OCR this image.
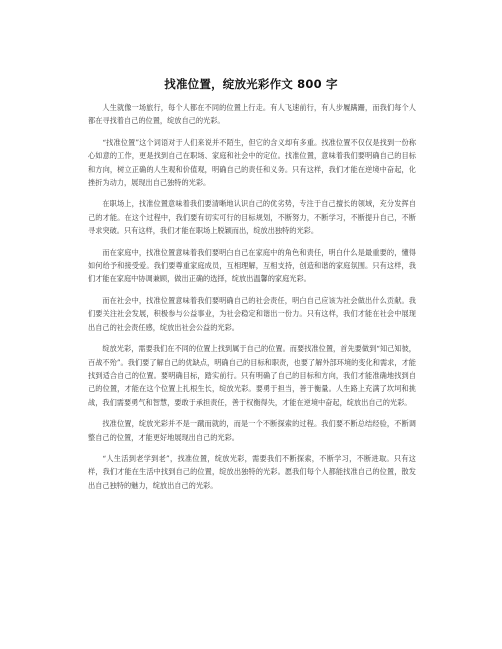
找准位置，绽放光彩作文 800 字

人生就像一场旅行，每个人都在不同的位置上行走。有人飞速前行，有人步履蹒跚，而我们每个人都在寻找着自己的位置，绽放自己的光彩。

“找准位置”这个词语对于人们来说并不陌生，但它的含义却有多重。找准位置不仅仅是找到一份称心如意的工作，更是找到自己在职场、家庭和社会中的定位。找准位置，意味着我们要明确自己的目标和方向，树立正确的人生观和价值观，明确自己的责任和义务。只有这样，我们才能在逆境中奋起，化挫折为动力，展现出自己独特的光彩。

在职场上，找准位置意味着我们要清晰地认识自己的优劣势，专注于自己擅长的领域，充分发挥自己的才能。在这个过程中，我们要有切实可行的目标规划，不断努力，不断学习，不断提升自己，不断寻求突破。只有这样，我们才能在职场上脱颖而出，绽放出独特的光彩。

而在家庭中，找准位置意味着我们要明白自己在家庭中的角色和责任，明白什么是最重要的，懂得如何给予和接受爱。我们要尊重家庭成员，互相理解，互相支持，创造和谐的家庭氛围。只有这样，我们才能在家庭中协调兼顾，做出正确的选择，绽放出温馨的家庭光彩。

而在社会中，找准位置意味着我们要明确自己的社会责任，明白自己应该为社会做出什么贡献。我们要关注社会发展，积极参与公益事业，为社会稳定和谐出一份力。只有这样，我们才能在社会中展现出自己的社会责任感，绽放出社会公益的光彩。

绽放光彩，需要我们在不同的位置上找到属于自己的位置。而要找准位置，首先要做到“知己知彼，百战不殆”。我们要了解自己的优缺点，明确自己的目标和职责，也要了解外部环境的变化和需求，才能找到适合自己的位置。要明确目标，踏实前行。只有明确了自己的目标和方向，我们才能准确地找到自己的位置，才能在这个位置上扎根生长，绽放光彩。要勇于担当，善于衡量。人生路上充满了坎坷和挑战，我们需要勇气和智慧，要敢于承担责任，善于权衡得失，才能在逆境中奋起，绽放出自己的光彩。

找准位置，绽放光彩并不是一蹴而就的，而是一个不断探索的过程。我们要不断总结经验，不断调整自己的位置，才能更好地展现出自己的光彩。

“人生活到老学到老”，找准位置，绽放光彩，需要我们不断探索，不断学习，不断进取。只有这样，我们才能在生活中找到自己的位置，绽放出独特的光彩。愿我们每个人都能找准自己的位置，散发出自己独特的魅力，绽放出自己的光彩。
